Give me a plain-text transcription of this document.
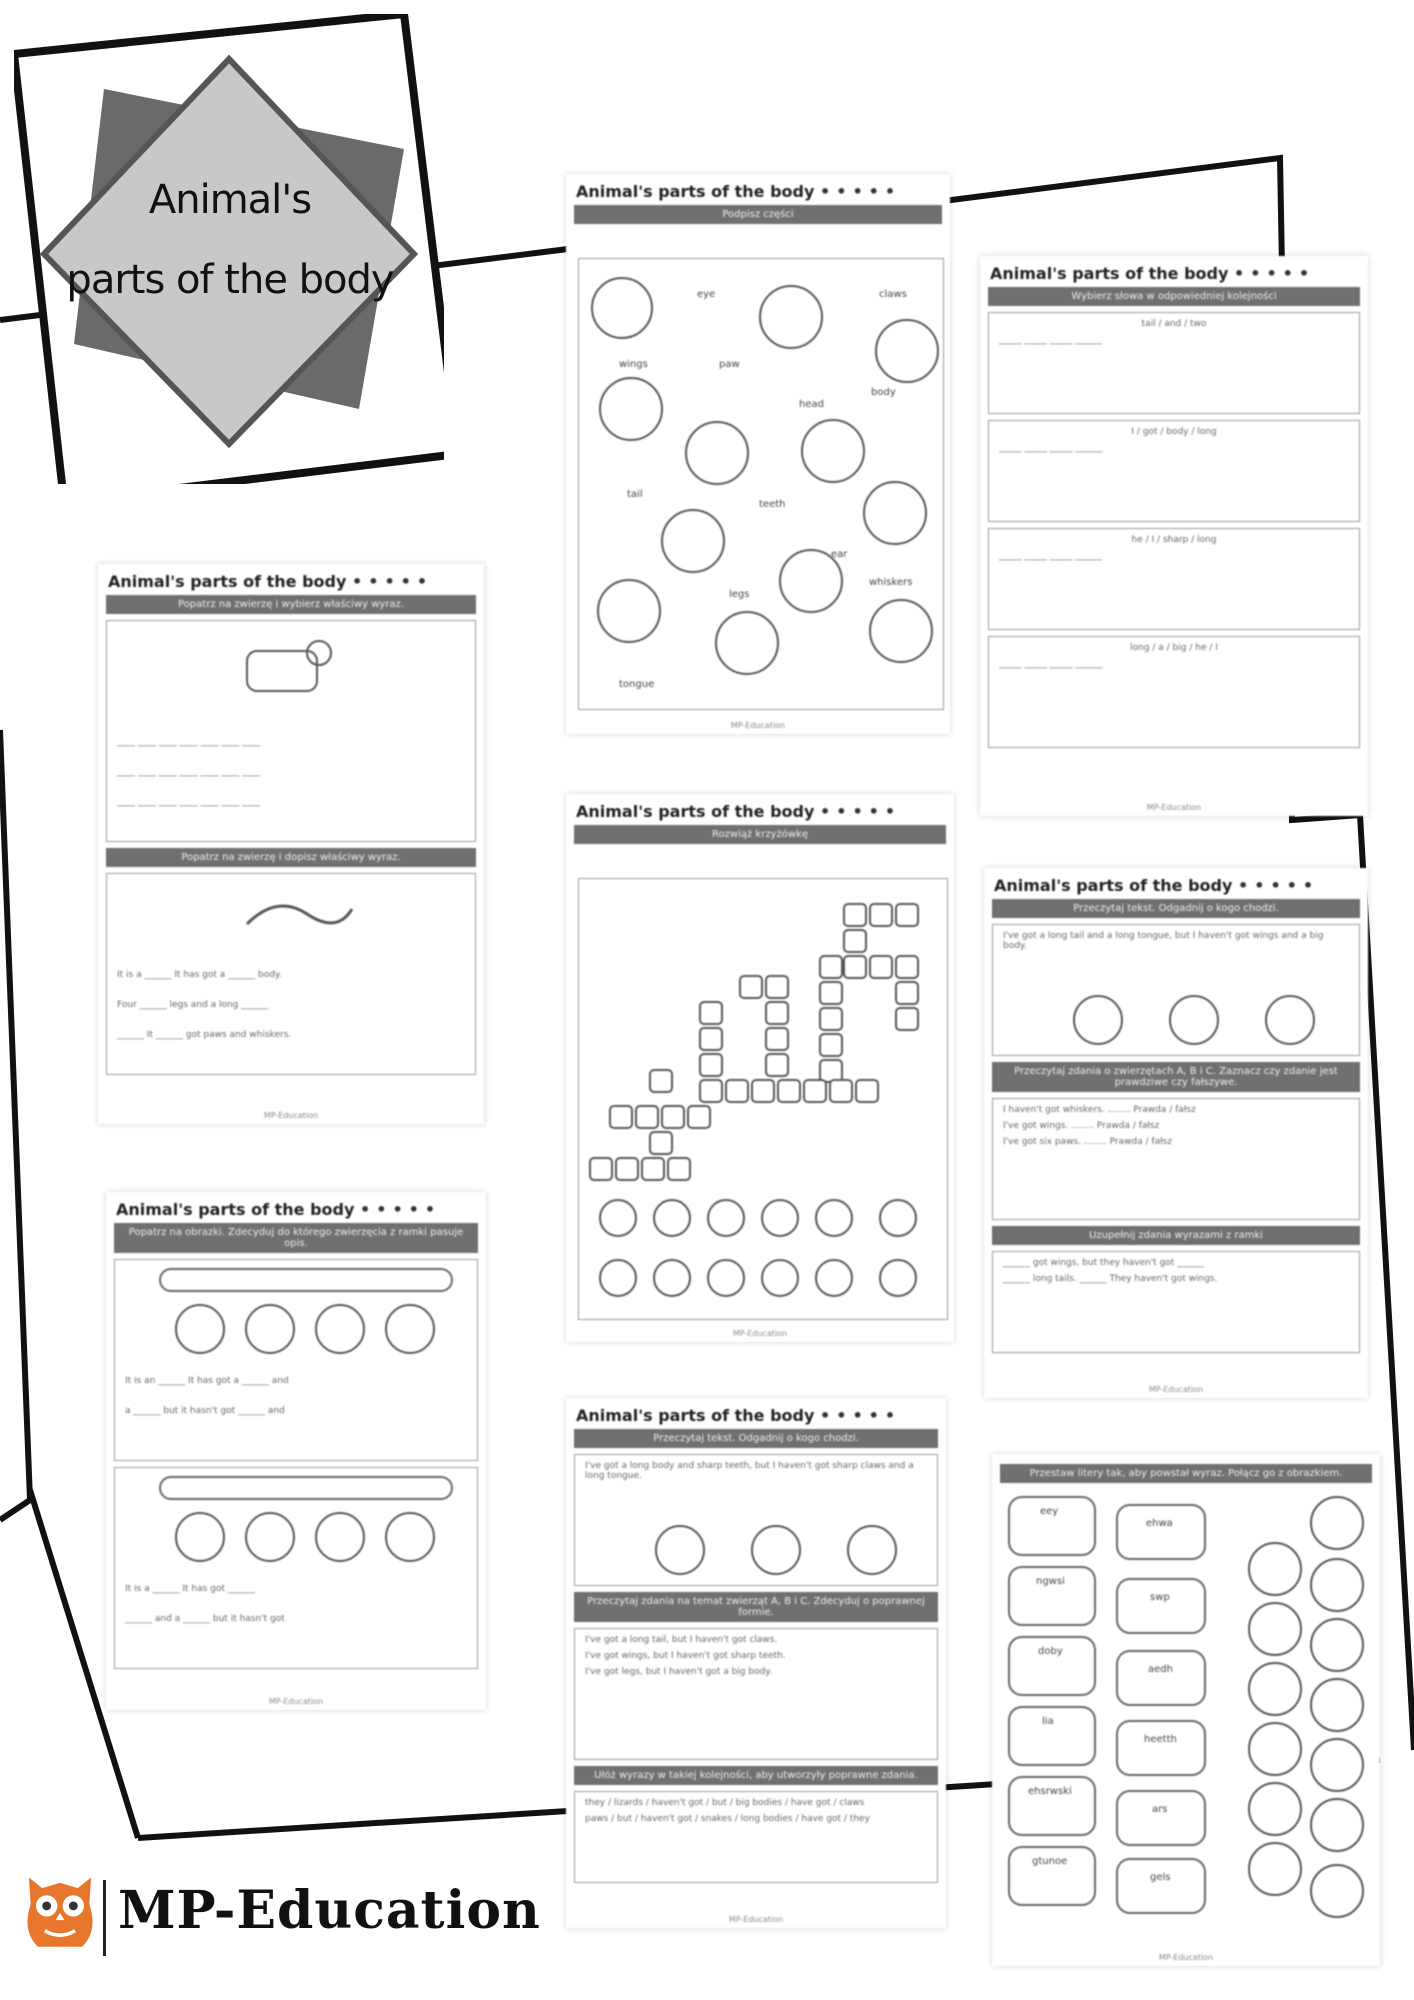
Animal's
parts of the body
Animal's parts of the body •••••
Podpisz części
eye	claws
wings	paw
head
body
tail
teeth
ear
whiskers
legs
tongue
MP-Education
Animal's parts of the body •••••
Wybierz słowa w odpowiedniej kolejności
tail / and / two
_____ _____ _____ ______
I / got / body / long
_____ _____ _____ ______
he / I / sharp / long
_____ _____ _____ ______
long / a / big / he / I
_____ _____ _____ ______
MP-Education
Animal's parts of the body •••••
Popatrz na zwierzę i wybierz właściwy wyraz.
____ ____ ____ ____ ____ ____ ____
____ ____ ____ ____ ____ ____ ____
____ ____ ____ ____ ____ ____ ____
Popatrz na zwierzę i dopisz właściwy wyraz.
It is a ______ It has got a ______ body.
Four ______ legs and a long ______
______ It ______ got paws and whiskers.
MP-Education
Animal's parts of the body •••••
Rozwiąż krzyżówkę
MP-Education
Animal's parts of the body •••••
Przeczytaj tekst. Odgadnij o kogo chodzi.
I've got a long tail and a long tongue, but I haven't got wings and a big body.
Przeczytaj zdania o zwierzętach A, B i C. Zaznacz czy zdanie jest prawdziwe czy fałszywe.
I haven't got whiskers. ........ Prawda / fałsz
I've got wings. ........ Prawda / fałsz
I've got six paws. ........ Prawda / fałsz
Uzupełnij zdania wyrazami z ramki
______ got wings, but they haven't got ______
______ long tails. ______ They haven't got wings.
MP-Education
Animal's parts of the body •••••
Popatrz na obrazki. Zdecyduj do którego zwierzęcia z ramki pasuje opis.
It is an ______ It has got a ______ and
a ______ but it hasn't got ______ and
It is a ______ It has got ______
______ and a ______ but it hasn't got
MP-Education
Animal's parts of the body •••••
Przeczytaj tekst. Odgadnij o kogo chodzi.
I've got a long body and sharp teeth, but I haven't got sharp claws and a long tongue.
Przeczytaj zdania na temat zwierząt A, B i C. Zdecyduj o poprawnej formie.
I've got a long tail, but I haven't got claws.
I've got wings, but I haven't got sharp teeth.
I've got legs, but I haven't got a big body.
Ułóż wyrazy w takiej kolejności, aby utworzyły poprawne zdania.
they / lizards / haven't got / but / big bodies / have got / claws
paws / but / haven't got / snakes / long bodies / have got / they
MP-Education
Przestaw litery tak, aby powstał wyraz. Połącz go z obrazkiem.
eey
ngwsi
doby
lia
ehsrwski
gtunoe
ehwa
swp
aedh
heetth
ars
gels
MP-Education
MP-Education
